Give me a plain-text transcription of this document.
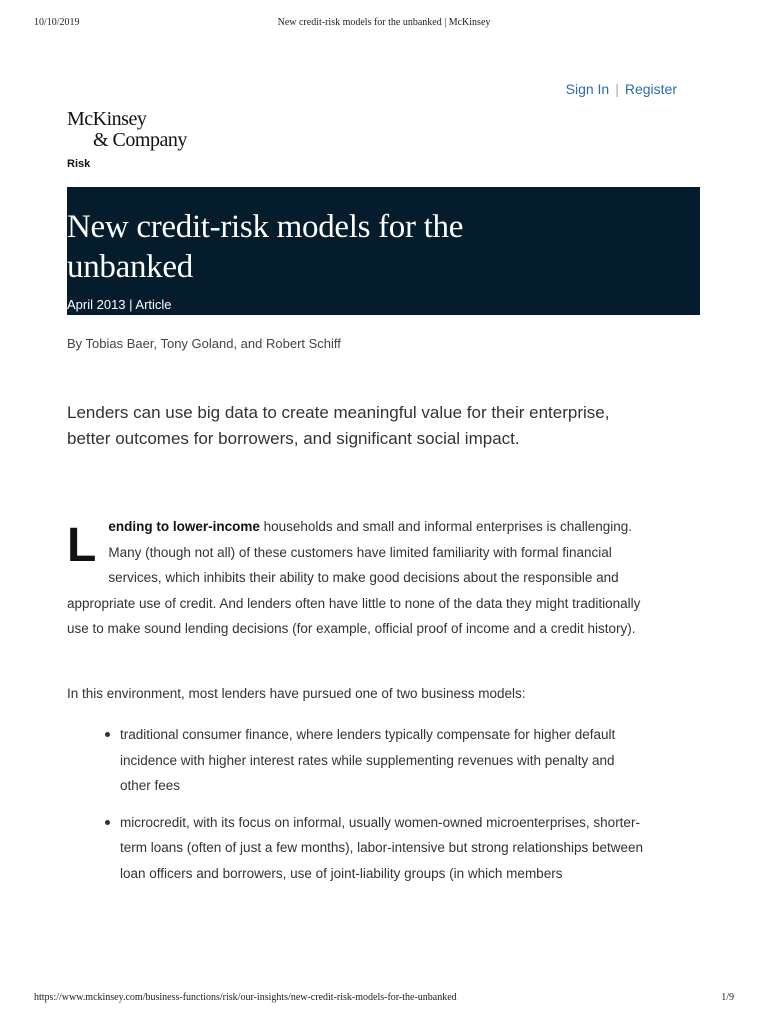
10/10/2019	New credit-risk models for the unbanked | McKinsey
Sign In | Register
McKinsey
& Company
Risk
New credit-risk models for the unbanked
April 2013 | Article
By Tobias Baer, Tony Goland, and Robert Schiff
Lenders can use big data to create meaningful value for their enterprise, better outcomes for borrowers, and significant social impact.
Lending to lower-income households and small and informal enterprises is challenging. Many (though not all) of these customers have limited familiarity with formal financial services, which inhibits their ability to make good decisions about the responsible and appropriate use of credit. And lenders often have little to none of the data they might traditionally use to make sound lending decisions (for example, official proof of income and a credit history).
In this environment, most lenders have pursued one of two business models:
traditional consumer finance, where lenders typically compensate for higher default incidence with higher interest rates while supplementing revenues with penalty and other fees
microcredit, with its focus on informal, usually women-owned microenterprises, shorter-term loans (often of just a few months), labor-intensive but strong relationships between loan officers and borrowers, use of joint-liability groups (in which members
https://www.mckinsey.com/business-functions/risk/our-insights/new-credit-risk-models-for-the-unbanked	1/9
